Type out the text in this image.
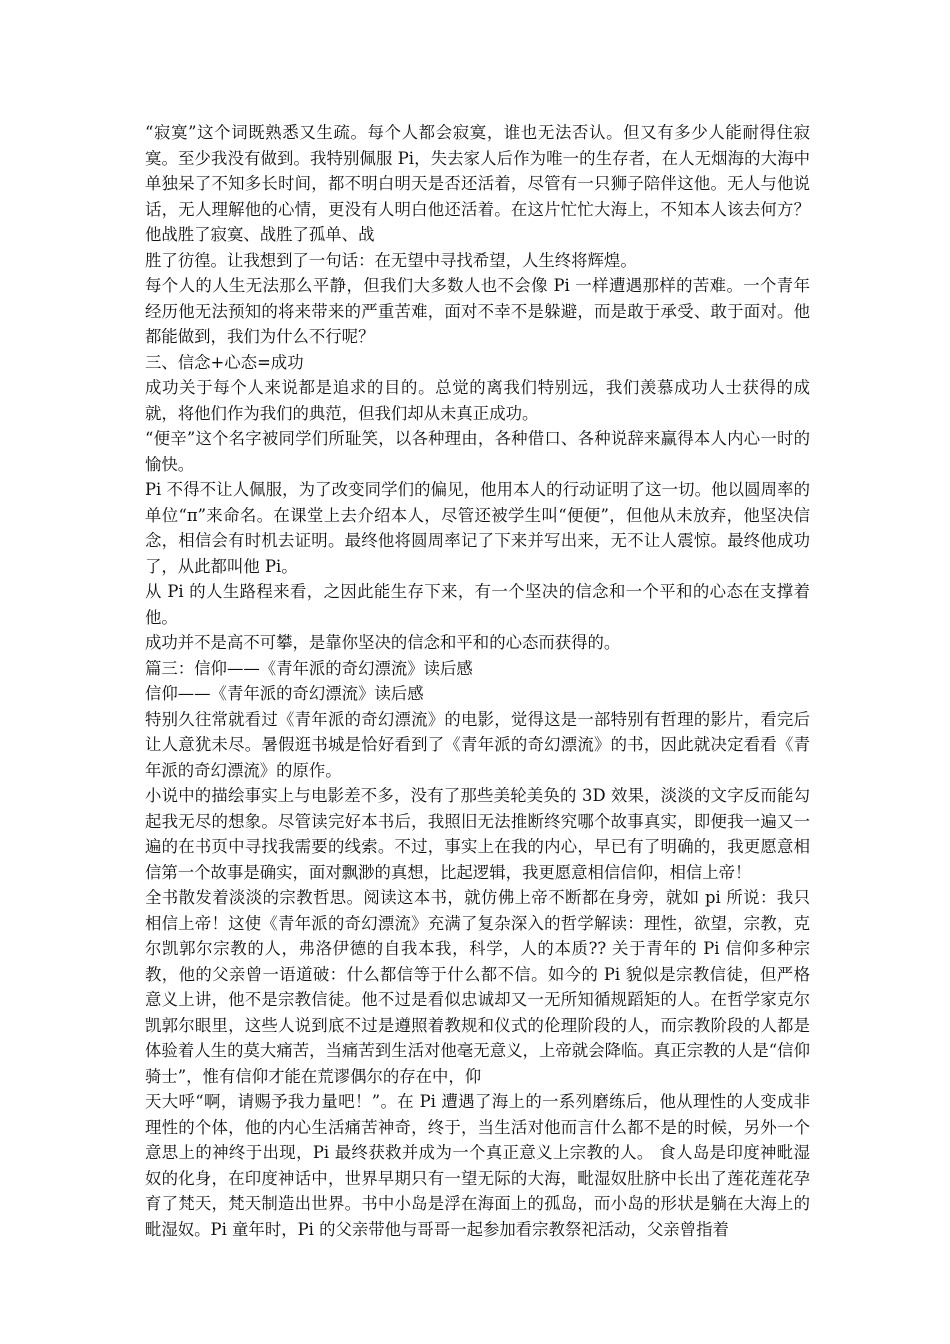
“寂寞”这个词既熟悉又生疏。每个人都会寂寞，谁也无法否认。但又有多少人能耐得住寂寞。至少我没有做到。我特别佩服 Pi，失去家人后作为唯一的生存者，在人无烟海的大海中单独呆了不知多长时间，都不明白明天是否还活着，尽管有一只狮子陪伴这他。无人与他说话，无人理解他的心情，更没有人明白他还活着。在这片忙忙大海上，不知本人该去何方？他战胜了寂寞、战胜了孤单、战

胜了彷徨。让我想到了一句话：在无望中寻找希望，人生终将辉煌。

每个人的人生无法那么平静，但我们大多数人也不会像 Pi 一样遭遇那样的苦难。一个青年经历他无法预知的将来带来的严重苦难，面对不幸不是躲避，而是敢于承受、敢于面对。他都能做到，我们为什么不行呢？

三、信念+心态=成功

成功关于每个人来说都是追求的目的。总觉的离我们特别远，我们羡慕成功人士获得的成就，将他们作为我们的典范，但我们却从未真正成功。

“便辛”这个名字被同学们所耻笑，以各种理由，各种借口、各种说辞来赢得本人内心一时的愉快。

Pi 不得不让人佩服，为了改变同学们的偏见，他用本人的行动证明了这一切。他以圆周率的单位“π”来命名。在课堂上去介绍本人，尽管还被学生叫“便便”，但他从未放弃，他坚决信念，相信会有时机去证明。最终他将圆周率记了下来并写出来，无不让人震惊。最终他成功了，从此都叫他 Pi。

从 Pi 的人生路程来看，之因此能生存下来，有一个坚决的信念和一个平和的心态在支撑着他。

成功并不是高不可攀，是靠你坚决的信念和平和的心态而获得的。

篇三：信仰——《青年派的奇幻漂流》读后感

信仰——《青年派的奇幻漂流》读后感

特别久往常就看过《青年派的奇幻漂流》的电影，觉得这是一部特别有哲理的影片，看完后让人意犹未尽。暑假逛书城是恰好看到了《青年派的奇幻漂流》的书，因此就决定看看《青年派的奇幻漂流》的原作。

小说中的描绘事实上与电影差不多，没有了那些美轮美奂的 3D 效果，淡淡的文字反而能勾起我无尽的想象。尽管读完好本书后，我照旧无法推断终究哪个故事真实，即便我一遍又一遍的在书页中寻找我需要的线索。不过，事实上在我的内心，早已有了明确的，我更愿意相信第一个故事是确实，面对飘渺的真想，比起逻辑，我更愿意相信信仰，相信上帝！

全书散发着淡淡的宗教哲思。阅读这本书，就仿佛上帝不断都在身旁，就如 pi 所说：我只相信上帝！这使《青年派的奇幻漂流》充满了复杂深入的哲学解读：理性，欲望，宗教，克尔凯郭尔宗教的人，弗洛伊德的自我本我，科学，人的本质?? 关于青年的 Pi 信仰多种宗教，他的父亲曾一语道破：什么都信等于什么都不信。如今的 Pi 貌似是宗教信徒，但严格意义上讲，他不是宗教信徒。他不过是看似忠诚却又一无所知循规蹈矩的人。在哲学家克尔凯郭尔眼里，这些人说到底不过是遵照着教规和仪式的伦理阶段的人，而宗教阶段的人都是体验着人生的莫大痛苦，当痛苦到生活对他毫无意义，上帝就会降临。真正宗教的人是“信仰骑士”，惟有信仰才能在荒谬偶尔的存在中，仰

天大呼“啊，请赐予我力量吧！”。在 Pi 遭遇了海上的一系列磨练后，他从理性的人变成非理性的个体，他的内心生活痛苦神奇，终于，当生活对他而言什么都不是的时候，另外一个意思上的神终于出现，Pi 最终获救并成为一个真正意义上宗教的人。 食人岛是印度神毗湿奴的化身，在印度神话中，世界早期只有一望无际的大海，毗湿奴肚脐中长出了莲花莲花孕育了梵天，梵天制造出世界。书中小岛是浮在海面上的孤岛，而小岛的形状是躺在大海上的毗湿奴。Pi 童年时，Pi 的父亲带他与哥哥一起参加看宗教祭祀活动，父亲曾指着
